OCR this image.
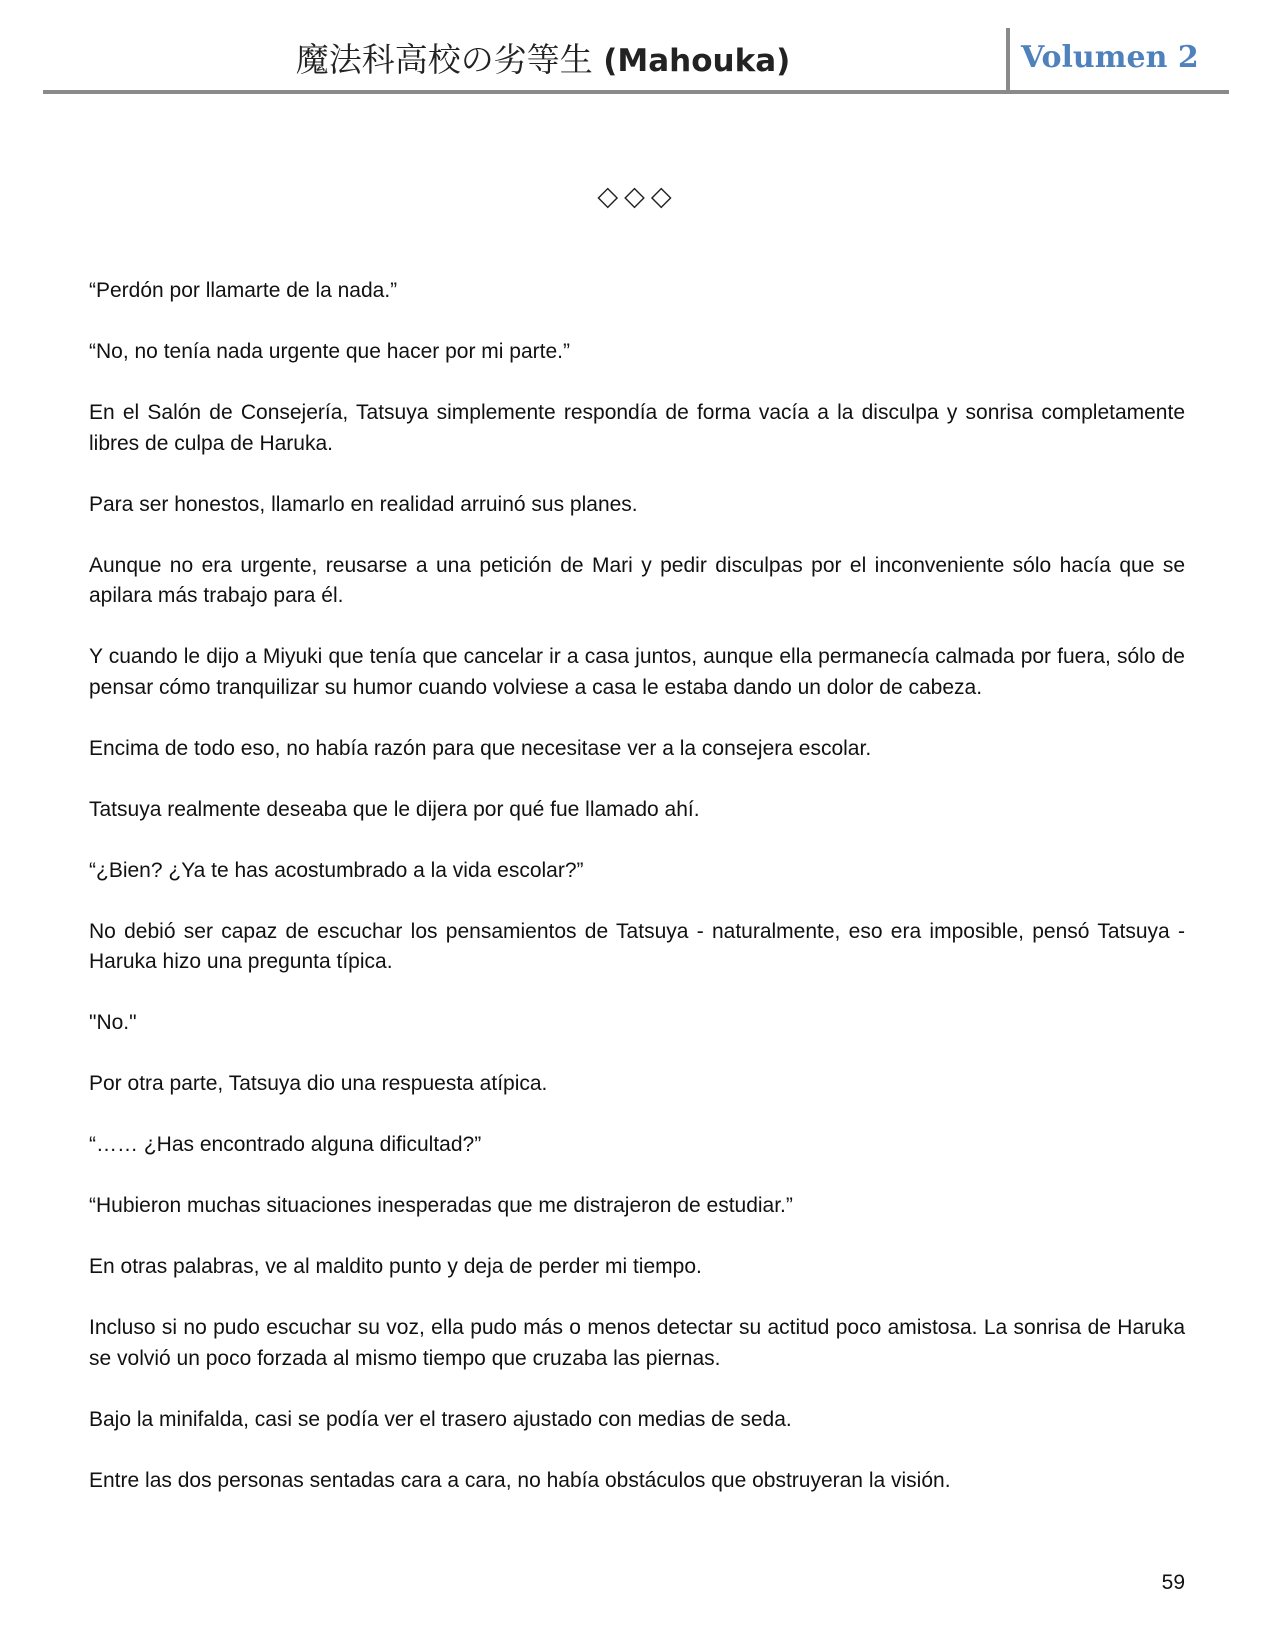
魔法科高校の劣等生 (Mahouka)	Volumen 2
◇◇◇

“Perdón por llamarte de la nada.”

“No, no tenía nada urgente que hacer por mi parte.”

En el Salón de Consejería, Tatsuya simplemente respondía de forma vacía a la disculpa y sonrisa completamente libres de culpa de Haruka.

Para ser honestos, llamarlo en realidad arruinó sus planes.

Aunque no era urgente, reusarse a una petición de Mari y pedir disculpas por el inconveniente sólo hacía que se apilara más trabajo para él.

Y cuando le dijo a Miyuki que tenía que cancelar ir a casa juntos, aunque ella permanecía calmada por fuera, sólo de pensar cómo tranquilizar su humor cuando volviese a casa le estaba dando un dolor de cabeza.

Encima de todo eso, no había razón para que necesitase ver a la consejera escolar.

Tatsuya realmente deseaba que le dijera por qué fue llamado ahí.

“¿Bien? ¿Ya te has acostumbrado a la vida escolar?”

No debió ser capaz de escuchar los pensamientos de Tatsuya - naturalmente, eso era imposible, pensó Tatsuya -Haruka hizo una pregunta típica.

"No."

Por otra parte, Tatsuya dio una respuesta atípica.

“…… ¿Has encontrado alguna dificultad?”

“Hubieron muchas situaciones inesperadas que me distrajeron de estudiar.”

En otras palabras, ve al maldito punto y deja de perder mi tiempo.

Incluso si no pudo escuchar su voz, ella pudo más o menos detectar su actitud poco amistosa. La sonrisa de Haruka se volvió un poco forzada al mismo tiempo que cruzaba las piernas.

Bajo la minifalda, casi se podía ver el trasero ajustado con medias de seda.

Entre las dos personas sentadas cara a cara, no había obstáculos que obstruyeran la visión.

59
